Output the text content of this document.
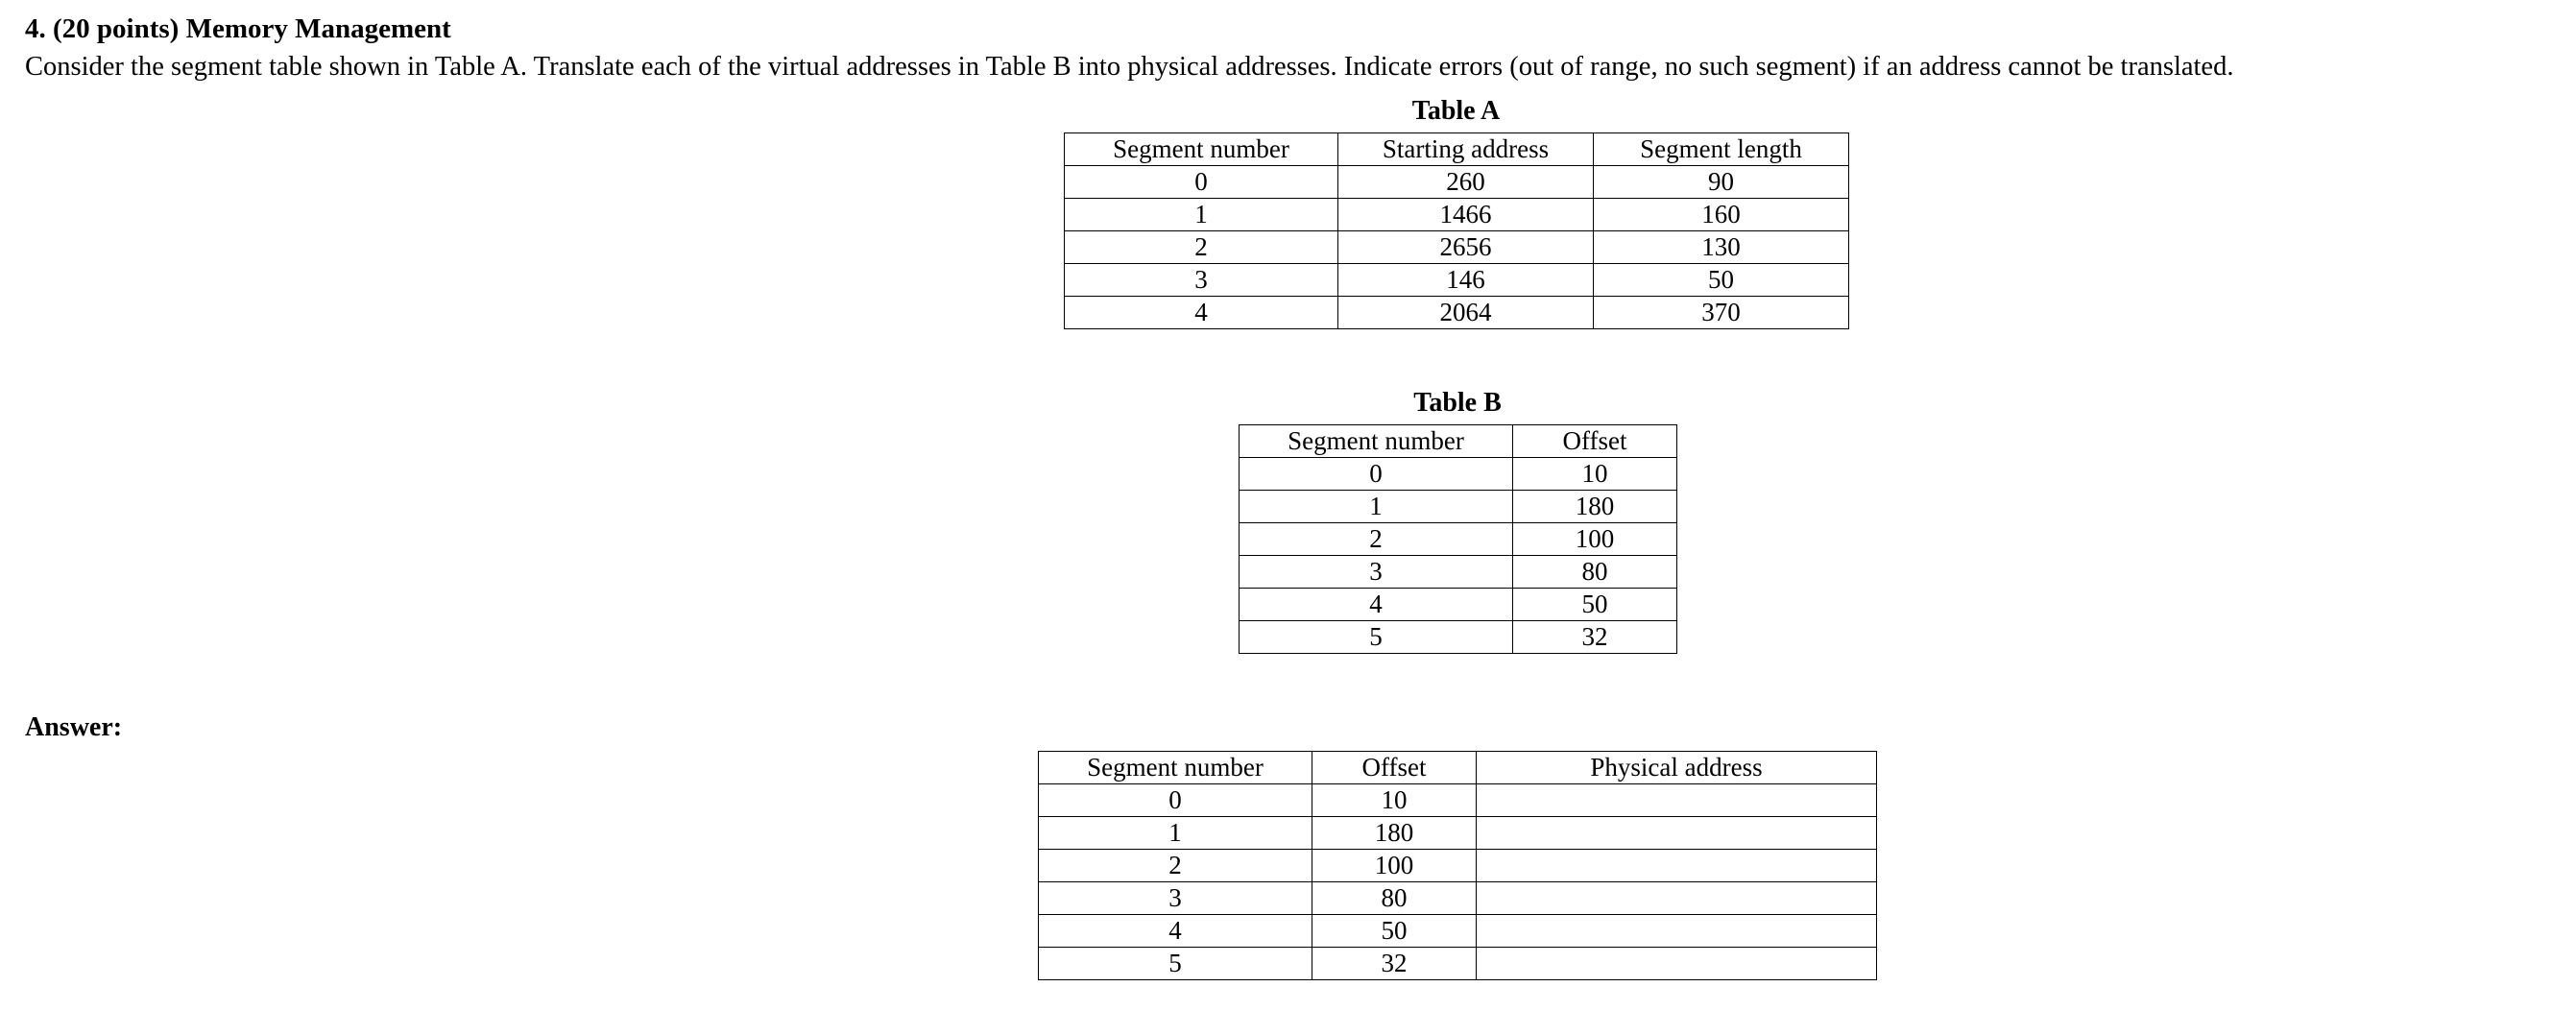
4. (20 points) Memory Management
Consider the segment table shown in Table A. Translate each of the virtual addresses in Table B into physical addresses. Indicate errors (out of range, no such segment) if an address cannot be translated.
Table A
Segment number	Starting address	Segment length
0	260	90
1	1466	160
2	2656	130
3	146	50
4	2064	370
Table B
Segment number	Offset
0	10
1	180
2	100
3	80
4	50
5	32
Answer:
Segment number	Offset	Physical address
0	10	
1	180	
2	100	
3	80	
4	50	
5	32	
